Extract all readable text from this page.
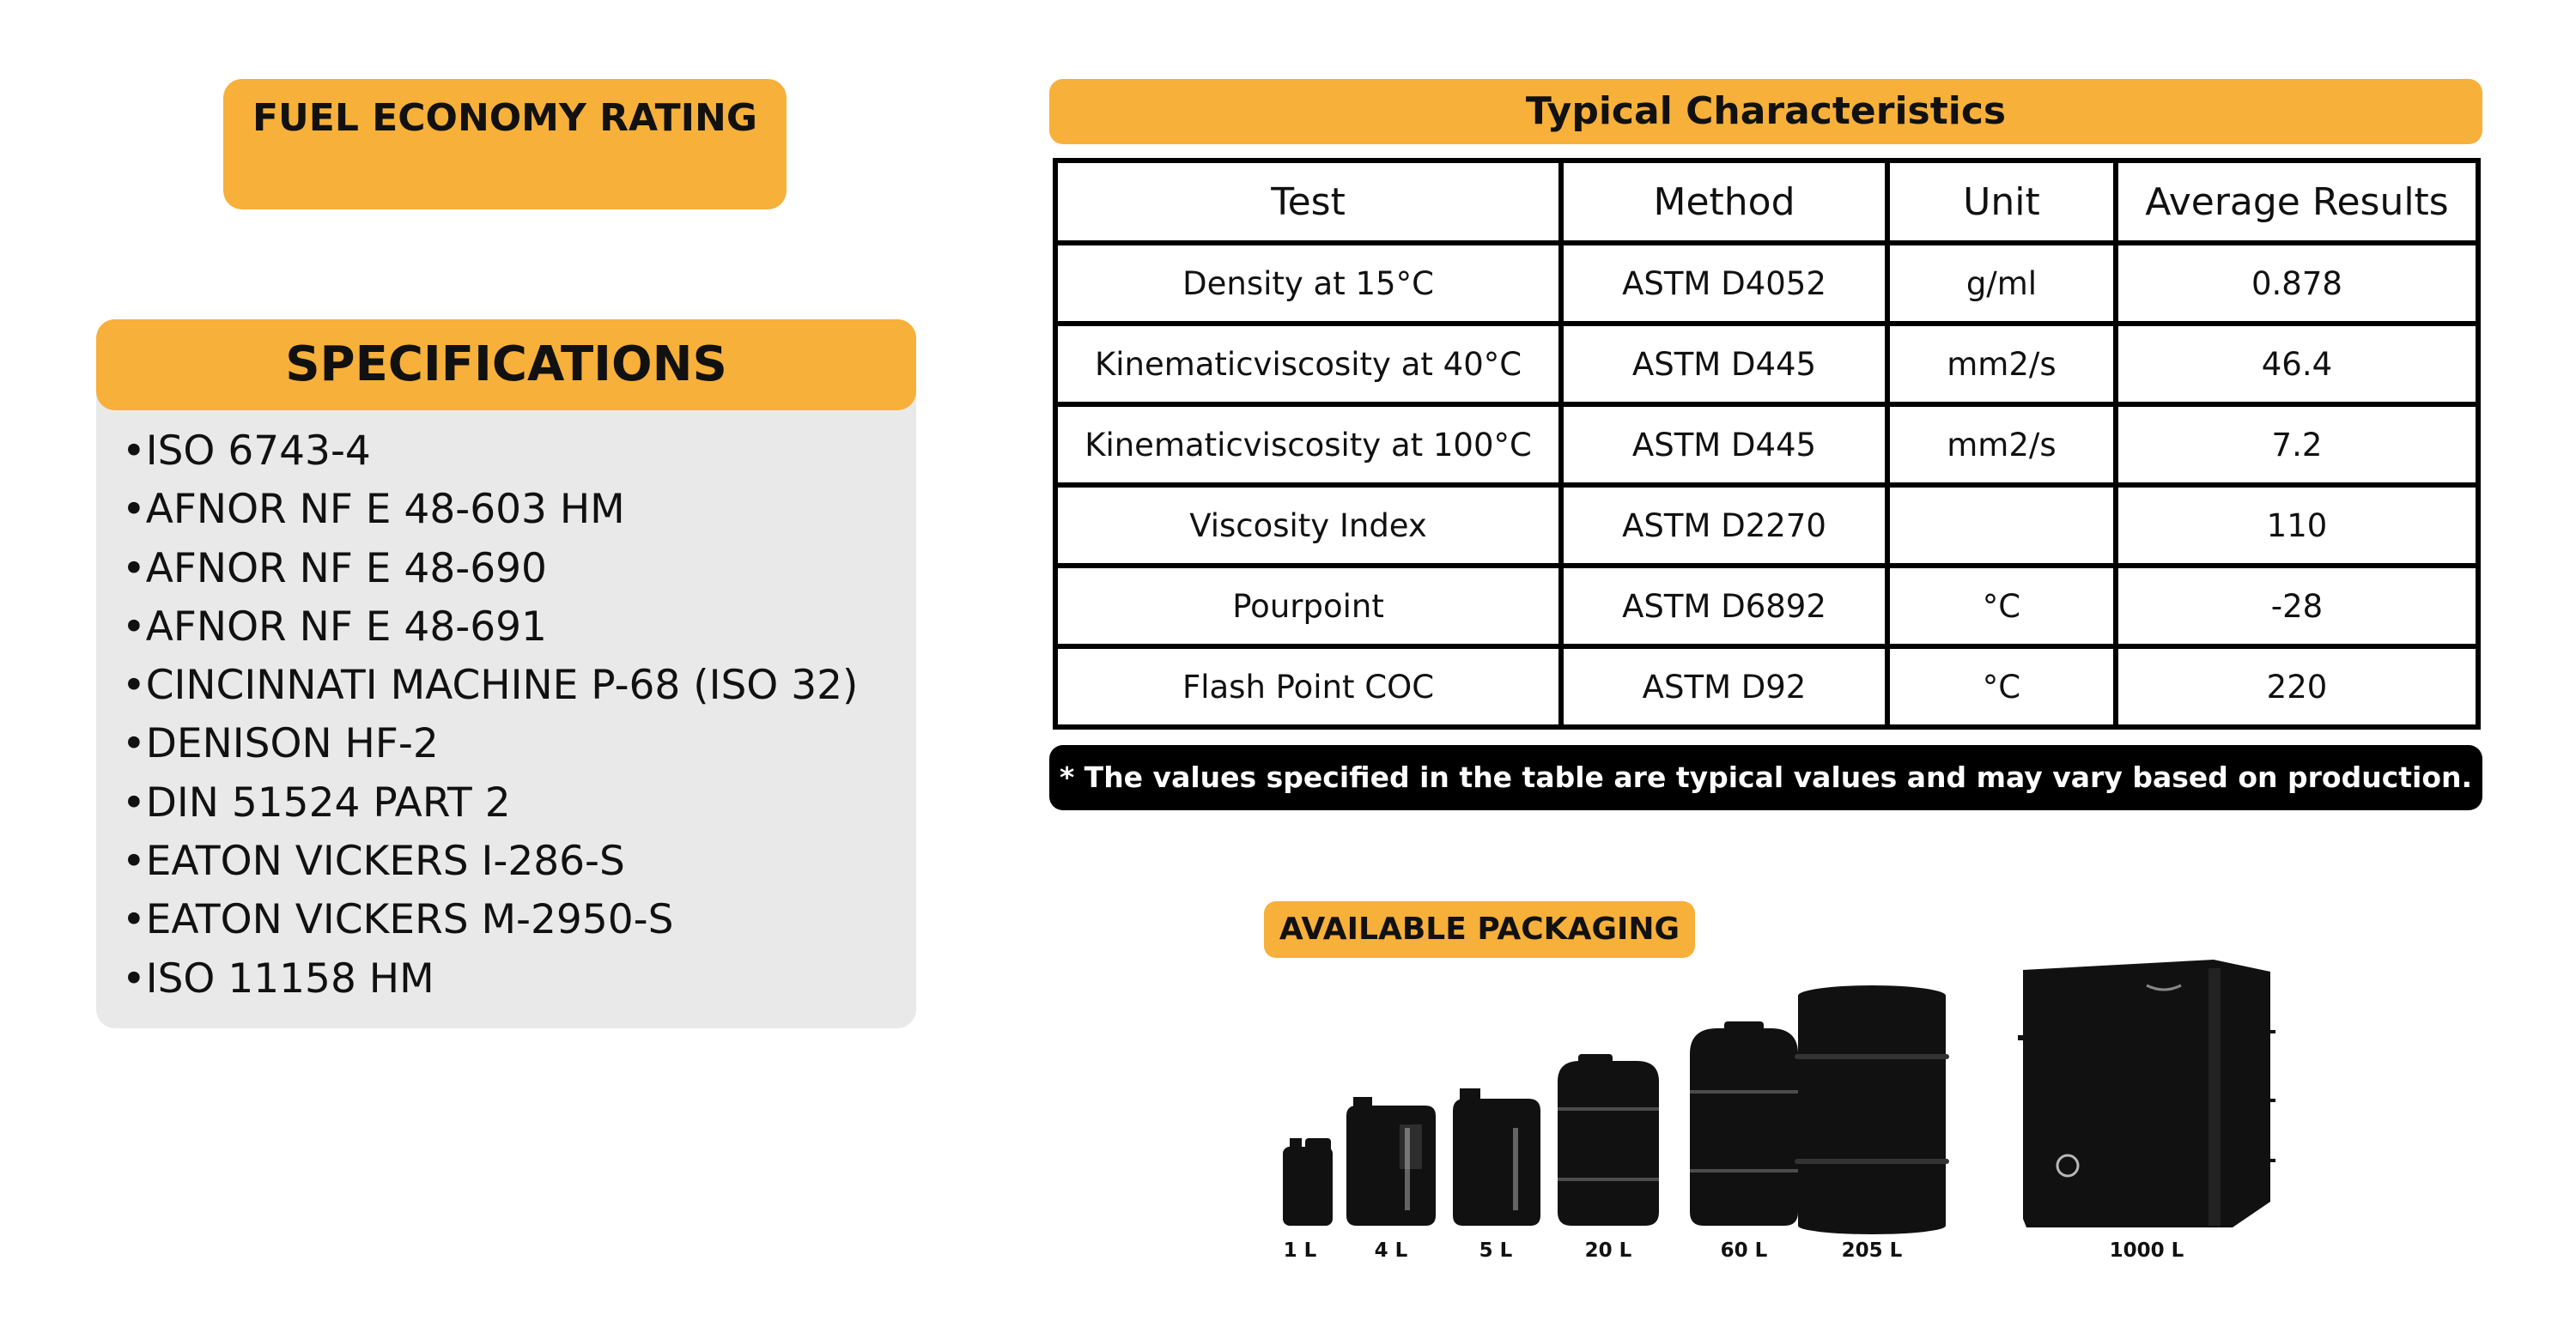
FUEL ECONOMY RATING
SPECIFICATIONS
•ISO 6743-4
•AFNOR NF E 48-603 HM
•AFNOR NF E 48-690
•AFNOR NF E 48-691
•CINCINNATI MACHINE P-68 (ISO 32)
•DENISON HF-2
•DIN 51524 PART 2
•EATON VICKERS I-286-S
•EATON VICKERS M-2950-S
•ISO 11158 HM
Typical Characteristics
Test	Method	Unit	Average Results
Density at 15°C	ASTM D4052	g/ml	0.878
Kinematicviscosity at 40°C	ASTM D445	mm2/s	46.4
Kinematicviscosity at 100°C	ASTM D445	mm2/s	7.2
Viscosity Index	ASTM D2270		110
Pourpoint	ASTM D6892	°C	-28
Flash Point COC	ASTM D92	°C	220
* The values specified in the table are typical values and may vary based on production.
AVAILABLE PACKAGING
1 L	4 L	5 L	20 L	60 L	205 L	1000 L
